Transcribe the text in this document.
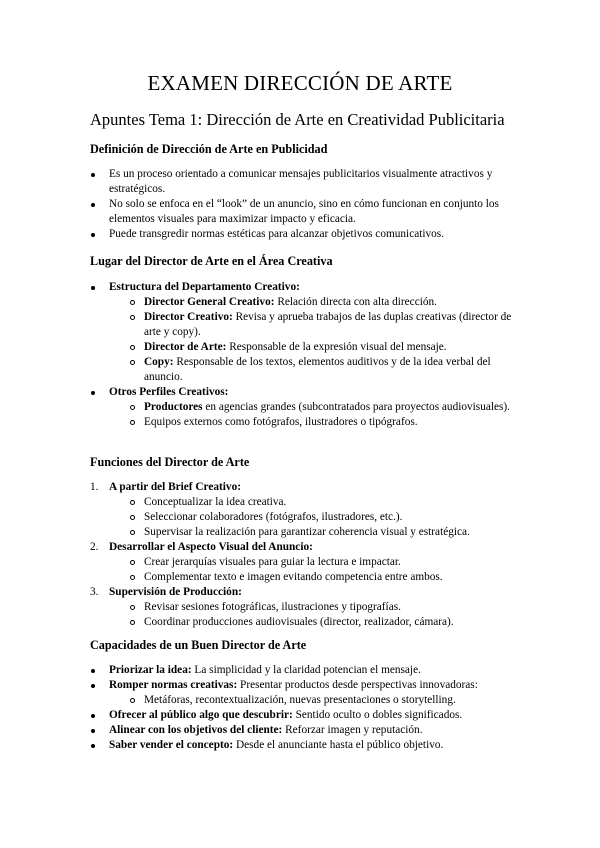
EXAMEN DIRECCIÓN DE ARTE
Apuntes Tema 1: Dirección de Arte en Creatividad Publicitaria
Definición de Dirección de Arte en Publicidad
Es un proceso orientado a comunicar mensajes publicitarios visualmente atractivos y estratégicos.
No solo se enfoca en el “look” de un anuncio, sino en cómo funcionan en conjunto los elementos visuales para maximizar impacto y eficacia.
Puede transgredir normas estéticas para alcanzar objetivos comunicativos.
Lugar del Director de Arte en el Área Creativa
Estructura del Departamento Creativo:
Director General Creativo: Relación directa con alta dirección.
Director Creativo: Revisa y aprueba trabajos de las duplas creativas (director de arte y copy).
Director de Arte: Responsable de la expresión visual del mensaje.
Copy: Responsable de los textos, elementos auditivos y de la idea verbal del anuncio.
Otros Perfiles Creativos:
Productores en agencias grandes (subcontratados para proyectos audiovisuales).
Equipos externos como fotógrafos, ilustradores o tipógrafos.
Funciones del Director de Arte
1. A partir del Brief Creativo:
Conceptualizar la idea creativa.
Seleccionar colaboradores (fotógrafos, ilustradores, etc.).
Supervisar la realización para garantizar coherencia visual y estratégica.
2. Desarrollar el Aspecto Visual del Anuncio:
Crear jerarquías visuales para guiar la lectura e impactar.
Complementar texto e imagen evitando competencia entre ambos.
3. Supervisión de Producción:
Revisar sesiones fotográficas, ilustraciones y tipografías.
Coordinar producciones audiovisuales (director, realizador, cámara).
Capacidades de un Buen Director de Arte
Priorizar la idea: La simplicidad y la claridad potencian el mensaje.
Romper normas creativas: Presentar productos desde perspectivas innovadoras:
Metáforas, recontextualización, nuevas presentaciones o storytelling.
Ofrecer al público algo que descubrir: Sentido oculto o dobles significados.
Alinear con los objetivos del cliente: Reforzar imagen y reputación.
Saber vender el concepto: Desde el anunciante hasta el público objetivo.
